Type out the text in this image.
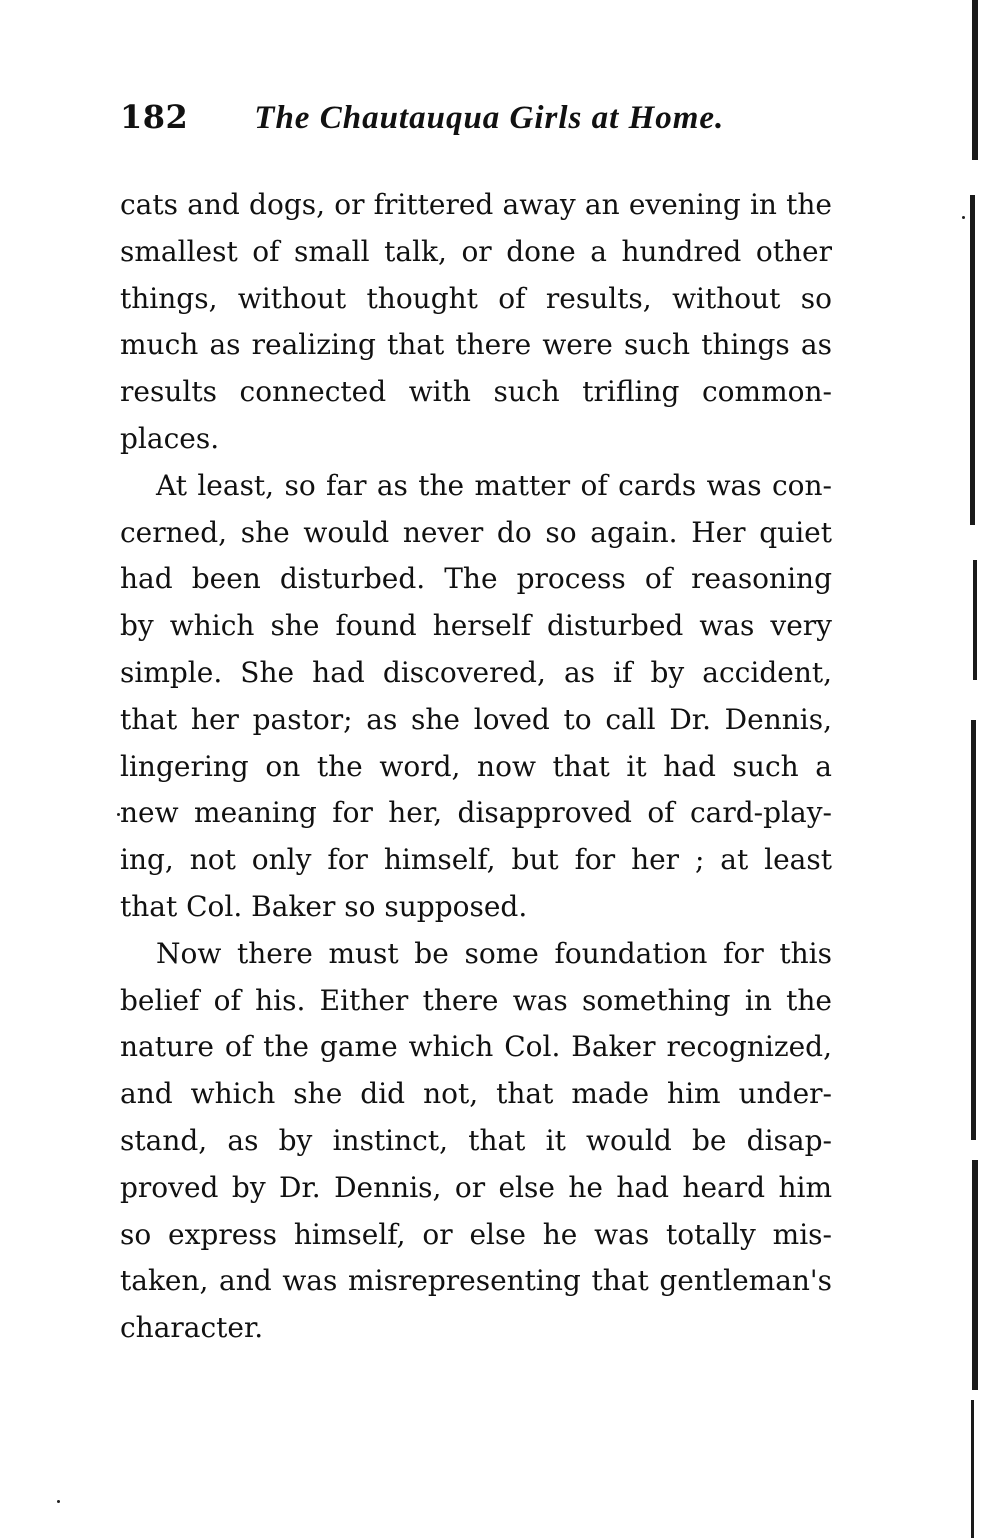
182 The Chautauqua Girls at Home.

cats and dogs, or frittered away an evening in the
smallest of small talk, or done a hundred other
things, without thought of results, without so
much as realizing that there were such things as
results connected with such trifling common-
places.

At least, so far as the matter of cards was con-
cerned, she would never do so again. Her quiet
had been disturbed. The process of reasoning
by which she found herself disturbed was very
simple. She had discovered, as if by accident,
that her pastor; as she loved to call Dr. Dennis,
lingering on the word, now that it had such a
new meaning for her, disapproved of card-play-
ing, not only for himself, but for her ; at least
that Col. Baker so supposed.

Now there must be some foundation for this
belief of his. Either there was something in the
nature of the game which Col. Baker recognized,
and which she did not, that made him under-
stand, as by instinct, that it would be disap-
proved by Dr. Dennis, or else he had heard him
so express himself, or else he was totally mis-
taken, and was misrepresenting that gentleman's
character.
